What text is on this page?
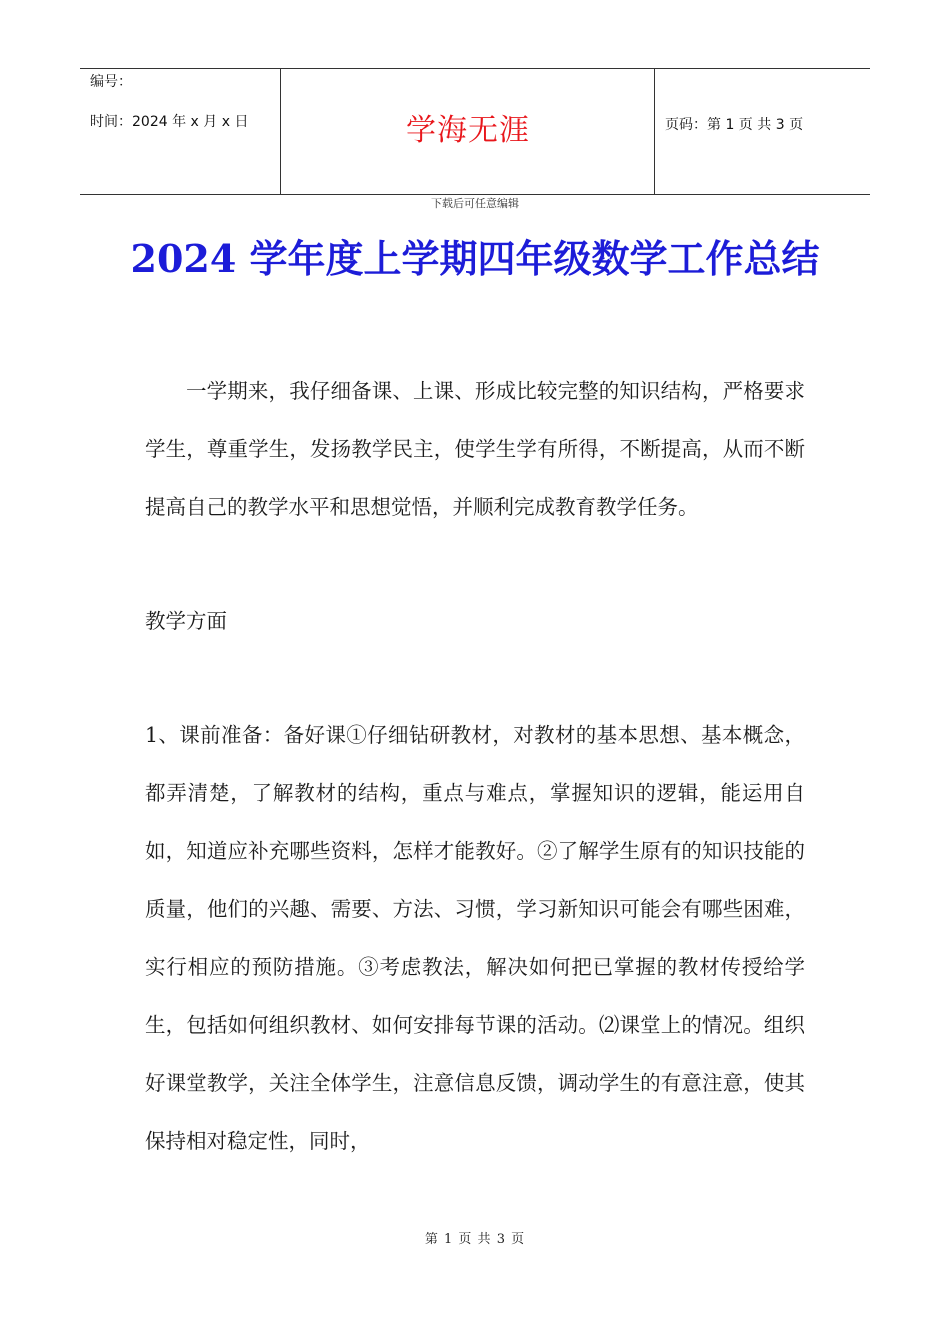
编号：
时间：2024 年 x 月 x 日	学海无涯	页码：第 1 页 共 3 页
下载后可任意编辑
2024 学年度上学期四年级数学工作总结

一学期来，我仔细备课、上课、形成比较完整的知识结构，严格要求学生，尊重学生，发扬教学民主，使学生学有所得，不断提高，从而不断提高自己的教学水平和思想觉悟，并顺利完成教育教学任务。

教学方面

1、课前准备：备好课①仔细钻研教材，对教材的基本思想、基本概念，都弄清楚，了解教材的结构，重点与难点，掌握知识的逻辑，能运用自如，知道应补充哪些资料，怎样才能教好。②了解学生原有的知识技能的质量，他们的兴趣、需要、方法、习惯，学习新知识可能会有哪些困难，实行相应的预防措施。③考虑教法，解决如何把已掌握的教材传授给学生，包括如何组织教材、如何安排每节课的活动。⑵课堂上的情况。组织好课堂教学，关注全体学生，注意信息反馈，调动学生的有意注意，使其保持相对稳定性，同时，

第 1 页 共 3 页
